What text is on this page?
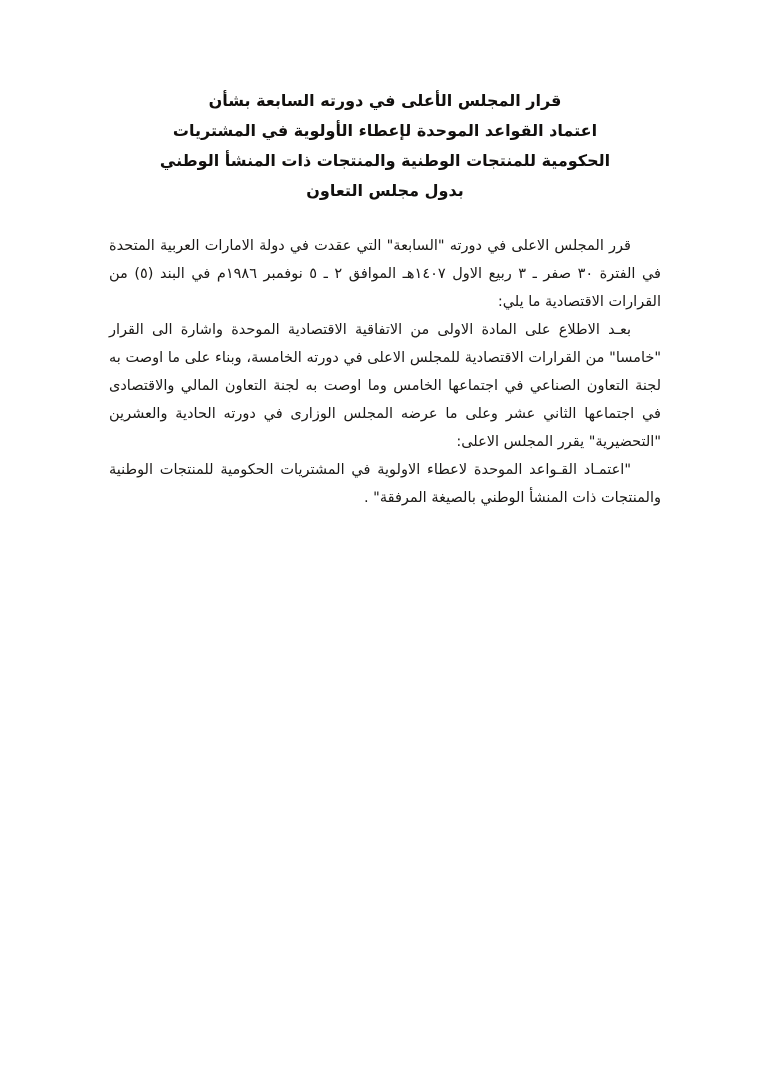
قرار المجلس الأعلى في دورته السابعة بشأن
اعتماد القواعد الموحدة لإعطاء الأولوية في المشتريات
الحكومية للمنتجات الوطنية والمنتجات ذات المنشأ الوطني
بدول مجلس التعاون

قرر المجلس الاعلى في دورته "السابعة" التي عقدت في دولة الامارات العربية المتحدة في الفترة ٣٠ صفر ـ ٣ ربيع الاول ١٤٠٧هـ الموافق ٢ ـ ٥ نوفمبر ١٩٨٦م في البند (٥) من القرارات الاقتصادية ما يلي:

بعـد الاطلاع على المادة الاولى من الاتفاقية الاقتصادية الموحدة واشارة الى القرار "خامسا" من القرارات الاقتصادية للمجلس الاعلى في دورته الخامسة، وبناء على ما اوصت به لجنة التعاون الصناعي في اجتماعها الخامس وما اوصت به لجنة التعاون المالي والاقتصادى في اجتماعها الثاني عشر وعلى ما عرضه المجلس الوزارى في دورته الحادية والعشرين "التحضيرية" يقرر المجلس الاعلى:

"اعتمـاد القـواعد الموحدة لاعطاء الاولوية في المشتريات الحكومية للمنتجات الوطنية والمنتجات ذات المنشأ الوطني بالصيغة المرفقة" .
